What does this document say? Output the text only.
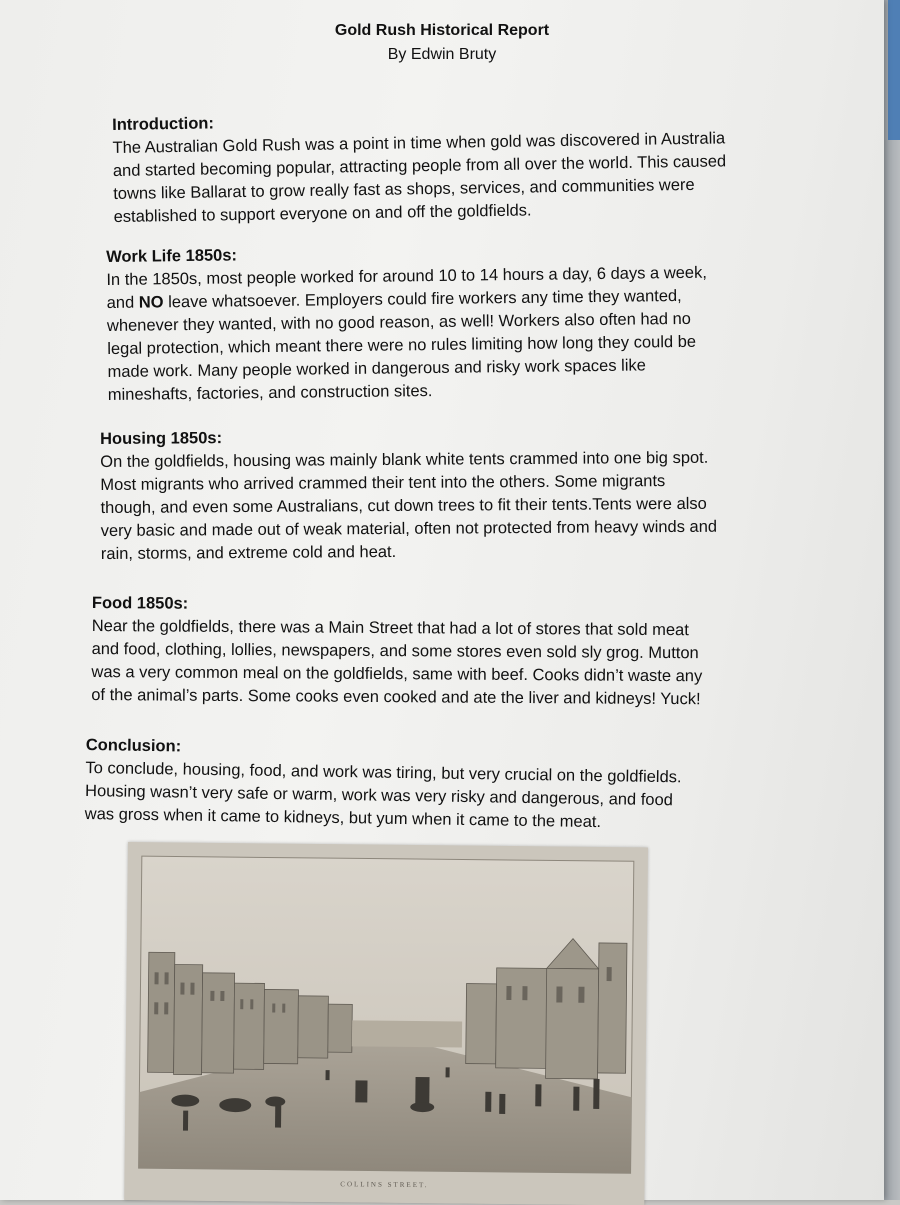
Gold Rush Historical Report
By Edwin Bruty
Introduction:
The Australian Gold Rush was a point in time when gold was discovered in Australia
and started becoming popular, attracting people from all over the world. This caused
towns like Ballarat to grow really fast as shops, services, and communities were
established to support everyone on and off the goldfields.
Work Life 1850s:
In the 1850s, most people worked for around 10 to 14 hours a day, 6 days a week,
and NO leave whatsoever. Employers could fire workers any time they wanted,
whenever they wanted, with no good reason, as well! Workers also often had no
legal protection, which meant there were no rules limiting how long they could be
made work. Many people worked in dangerous and risky work spaces like
mineshafts, factories, and construction sites.
Housing 1850s:
On the goldfields, housing was mainly blank white tents crammed into one big spot.
Most migrants who arrived crammed their tent into the others. Some migrants
though, and even some Australians, cut down trees to fit their tents.Tents were also
very basic and made out of weak material, often not protected from heavy winds and
rain, storms, and extreme cold and heat.
Food 1850s:
Near the goldfields, there was a Main Street that had a lot of stores that sold meat
and food, clothing, lollies, newspapers, and some stores even sold sly grog. Mutton
was a very common meal on the goldfields, same with beef. Cooks didn’t waste any
of the animal’s parts. Some cooks even cooked and ate the liver and kidneys! Yuck!
Conclusion:
To conclude, housing, food, and work was tiring, but very crucial on the goldfields.
Housing wasn’t very safe or warm, work was very risky and dangerous, and food
was gross when it came to kidneys, but yum when it came to the meat.
COLLINS STREET.
